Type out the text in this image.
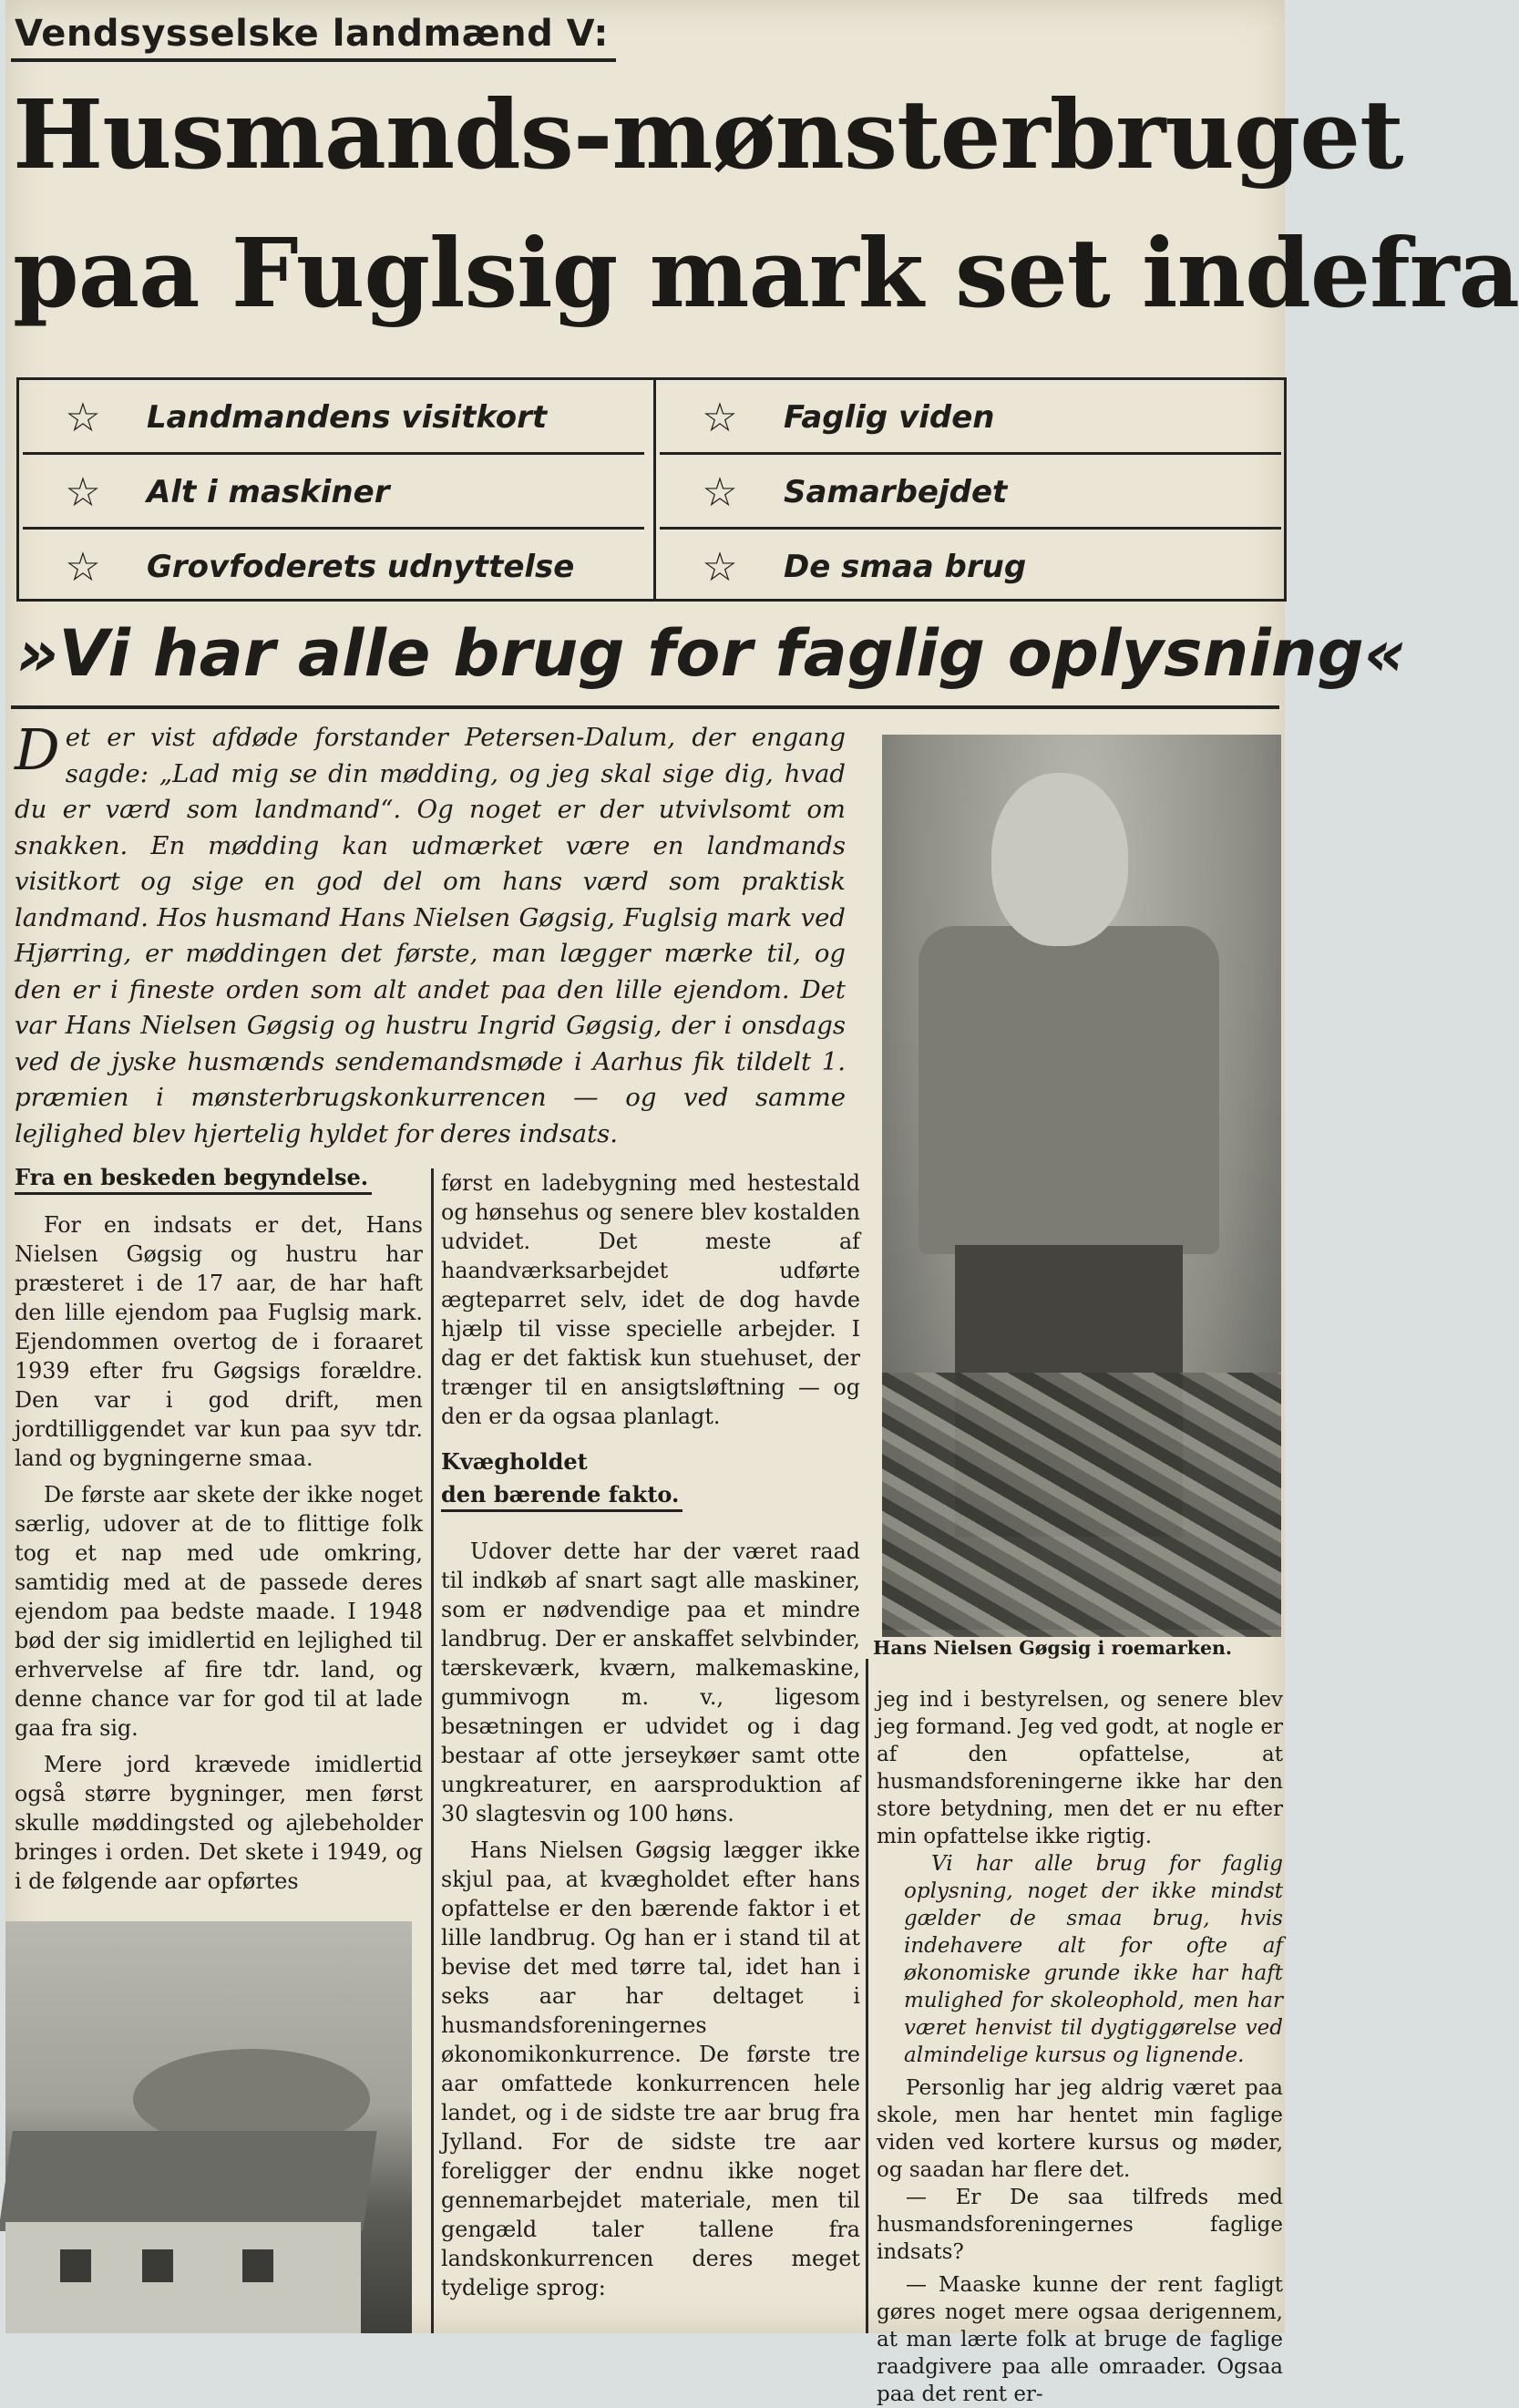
Vendsysselske landmænd V:
Husmands-mønsterbruget
paa Fuglsig mark set indefra
☆	Landmandens visitkort
☆	Alt i maskiner
☆	Grovfoderets udnyttelse
☆	Faglig viden
☆	Samarbejdet
☆	De smaa brug
»Vi har alle brug for faglig oplysning«

Det er vist afdøde forstander Petersen-Dalum, der engang sagde: „Lad mig se din mødding, og jeg skal sige dig, hvad du er værd som landmand“. Og noget er der utvivlsomt om snakken. En mødding kan udmærket være en landmands visitkort og sige en god del om hans værd som praktisk landmand. Hos husmand Hans Nielsen Gøgsig, Fuglsig mark ved Hjørring, er møddingen det første, man lægger mærke til, og den er i fineste orden som alt andet paa den lille ejendom. Det var Hans Nielsen Gøgsig og hustru Ingrid Gøgsig, der i onsdags ved de jyske husmænds sendemandsmøde i Aarhus fik tildelt 1. præmien i mønsterbrugskonkurrencen — og ved samme lejlighed blev hjertelig hyldet for deres indsats.

Hans Nielsen Gøgsig i roemarken.
Fra en beskeden begyndelse.

For en indsats er det, Hans Nielsen Gøgsig og hustru har præsteret i de 17 aar, de har haft den lille ejendom paa Fuglsig mark. Ejendommen overtog de i foraaret 1939 efter fru Gøgsigs forældre. Den var i god drift, men jordtilliggendet var kun paa syv tdr. land og bygningerne smaa.

De første aar skete der ikke noget særlig, udover at de to flittige folk tog et nap med ude omkring, samtidig med at de passede deres ejendom paa bedste maade. I 1948 bød der sig imidlertid en lejlighed til erhvervelse af fire tdr. land, og denne chance var for god til at lade gaa fra sig.

Mere jord krævede imidlertid også større bygninger, men først skulle møddingsted og ajlebeholder bringes i orden. Det skete i 1949, og i de følgende aar opførtes

først en ladebygning med hestestald og hønsehus og senere blev kostalden udvidet. Det meste af haandværksarbejdet udførte ægteparret selv, idet de dog havde hjælp til visse specielle arbejder. I dag er det faktisk kun stuehuset, der trænger til en ansigtsløftning — og den er da ogsaa planlagt.

Kvægholdet
den bærende fakto.

Udover dette har der været raad til indkøb af snart sagt alle maskiner, som er nødvendige paa et mindre landbrug. Der er anskaffet selvbinder, tærskeværk, kværn, malkemaskine, gummivogn m. v., ligesom besætningen er udvidet og i dag bestaar af otte jerseykøer samt otte ungkreaturer, en aarsproduktion af 30 slagtesvin og 100 høns.

Hans Nielsen Gøgsig lægger ikke skjul paa, at kvægholdet efter hans opfattelse er den bærende faktor i et lille landbrug. Og han er i stand til at bevise det med tørre tal, idet han i seks aar har deltaget i husmandsforeningernes økonomikonkurrence. De første tre aar omfattede konkurrencen hele landet, og i de sidste tre aar brug fra Jylland. For de sidste tre aar foreligger der endnu ikke noget gennemarbejdet materiale, men til gengæld taler tallene fra landskonkurrencen deres meget tydelige sprog:

jeg ind i bestyrelsen, og senere blev jeg formand. Jeg ved godt, at nogle er af den opfattelse, at husmandsforeningerne ikke har den store betydning, men det er nu efter min opfattelse ikke rigtig.

Vi har alle brug for faglig oplysning, noget der ikke mindst gælder de smaa brug, hvis indehavere alt for ofte af økonomiske grunde ikke har haft mulighed for skoleophold, men har været henvist til dygtiggørelse ved almindelige kursus og lignende.

Personlig har jeg aldrig været paa skole, men har hentet min faglige viden ved kortere kursus og møder, og saadan har flere det.

— Er De saa tilfreds med husmandsforeningernes faglige indsats?

— Maaske kunne der rent fagligt gøres noget mere ogsaa derigennem, at man lærte folk at bruge de faglige raadgivere paa alle omraader. Ogsaa paa det rent er-
